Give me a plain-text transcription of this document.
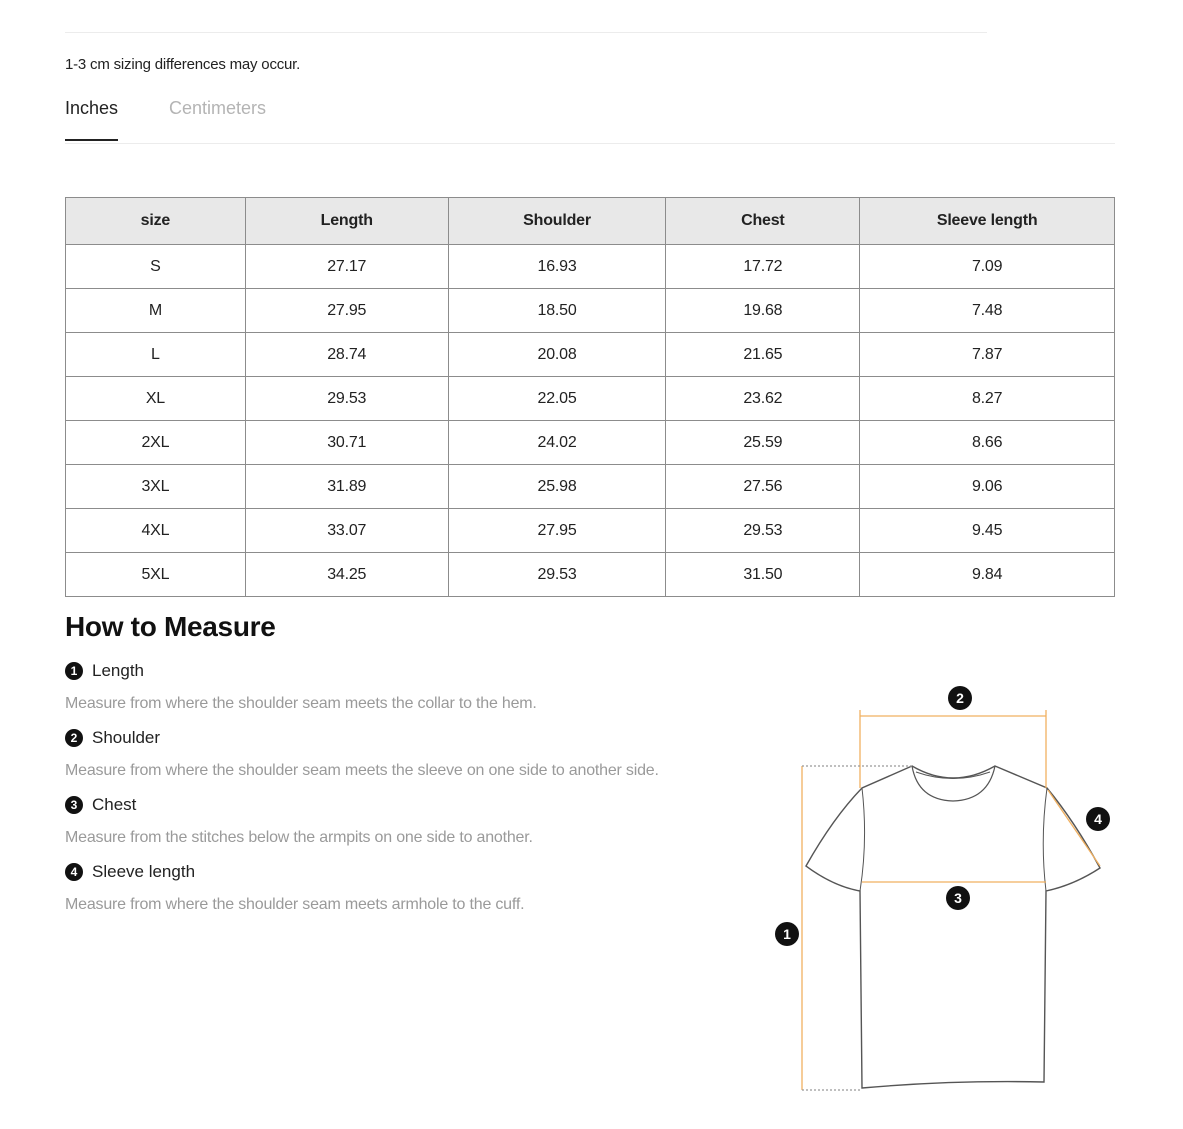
1-3 cm sizing differences may occur.
Inches	Centimeters
size	Length	Shoulder	Chest	Sleeve length
S	27.17	16.93	17.72	7.09
M	27.95	18.50	19.68	7.48
L	28.74	20.08	21.65	7.87
XL	29.53	22.05	23.62	8.27
2XL	30.71	24.02	25.59	8.66
3XL	31.89	25.98	27.56	9.06
4XL	33.07	27.95	29.53	9.45
5XL	34.25	29.53	31.50	9.84
How to Measure
1 Length
Measure from where the shoulder seam meets the collar to the hem.
2 Shoulder
Measure from where the shoulder seam meets the sleeve on one side to another side.
3 Chest
Measure from the stitches below the armpits on one side to another.
4 Sleeve length
Measure from where the shoulder seam meets armhole to the cuff.
2
4
3
1
